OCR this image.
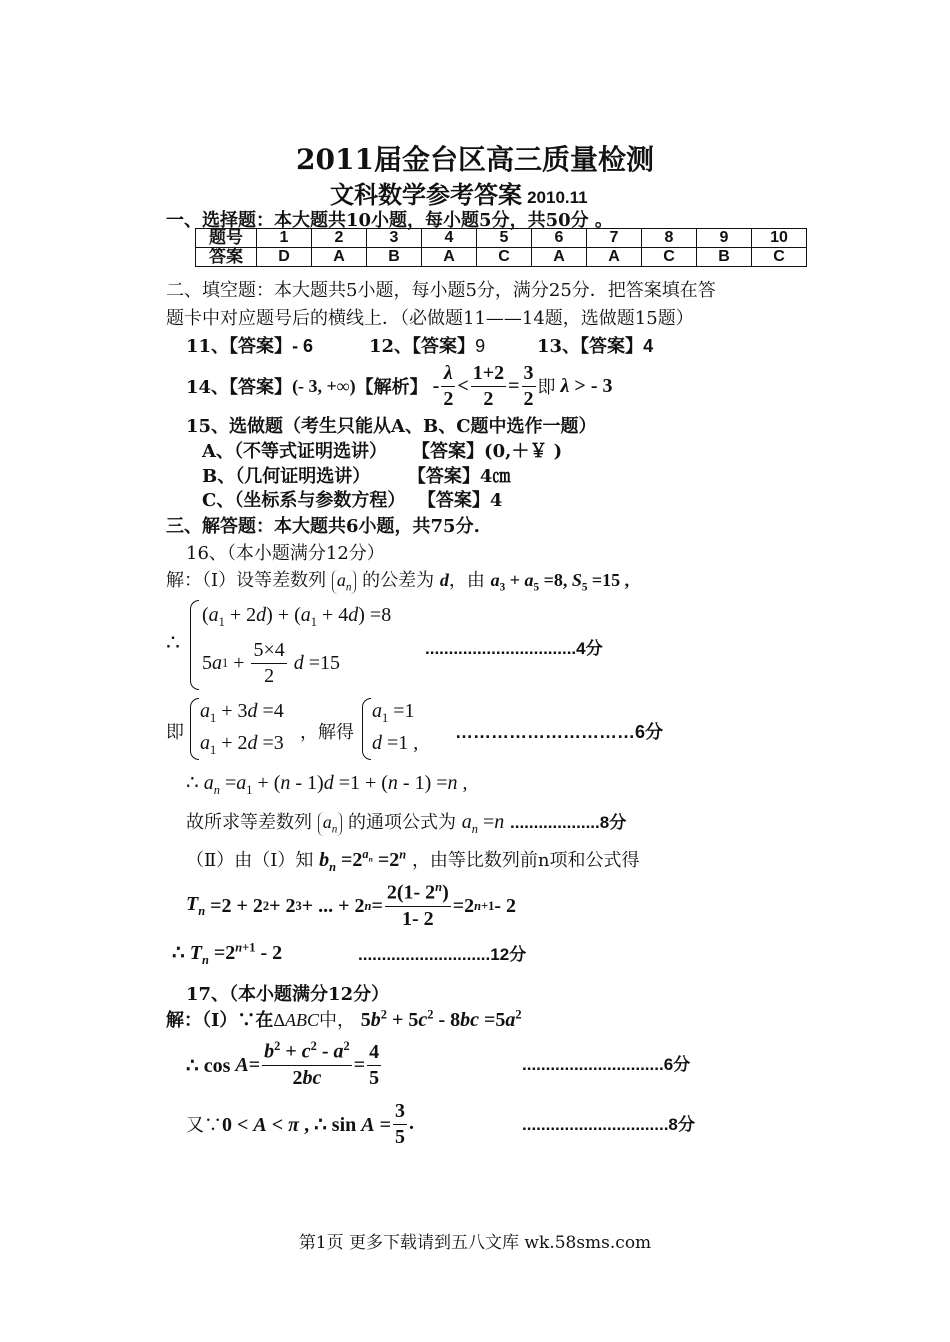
2011届金台区高三质量检测
文科数学参考答案 2010.11
一、选择题：本大题共10小题，每小题5分，共50分 。
题号	1	2	3	4	5	6	7	8	9	10
答案	D	A	B	A	C	A	A	C	B	C
二、填空题：本大题共5小题，每小题5分，满分25分．把答案填在答
题卡中对应题号后的横线上．（必做题11——14题，选做题15题）
11、【答案】- 6	12、【答案】9	13、【答案】4
14、【答案】 (- 3, +∞) 【解析】 - $\frac{\lambda}{2} < \frac{1+2}{2} = \frac{3}{2}$ 即 λ > - 3
15、选做题（考生只能从A、B、C题中选作一题）
A、（不等式证明选讲） 【答案】(0,＋￥ )
B、（几何证明选讲） 【答案】4㎝
C、（坐标系与参数方程） 【答案】4
三、解答题：本大题共6小题，共75分.
16、（本小题满分12分）
解：（Ⅰ）设等差数列 $a_n$ 的公差为 d，由 $a_3 + a_5 =8$, $S_5 =15$ ,
∴
$(a_1 + 2d) + (a_1 + 4d) =8$
5 a $1 + \frac{5\times 4}{2}$
d =15
................................4分
即
$a_1 + 3d =4$
$a_1 + 2d =3$ ，解得
$a_1 =1$
d =1 , …………………………6分
∴ $a_n =a_1 + (n - 1)d =1 + (n - 1) =n$ ,
故所求等差数列 $a_n$ 的通项公式为 $a_n =n$ ...................8分
（Ⅱ）由（Ⅰ）知 $b_n =2^{a_n} =2^n$ ，由等比数列前n项和公式得
$T_n =2 + 2$ 2 + 2 3 + ... + 2 $n = \frac{2(1- 2^n)}{1- 2} =2$ n+1 - 2
∴ $T_n =2^{n+1} - 2$	............................12分
17、（本小题满分12分）
解：（Ⅰ）∵在ΔABC中， $5b^2 + 5c^2 - 8bc =5a^2$
∴ $\cos A = \frac{b^2 + c^2 - a^2}{2bc} = \frac{4}{5}$	..............................6分
又∵ 0 < A < π , ∴ $\sin A = \frac{3}{5}$ .	...............................8分
第1页 更多下载请到五八文库 wk.58sms.com
